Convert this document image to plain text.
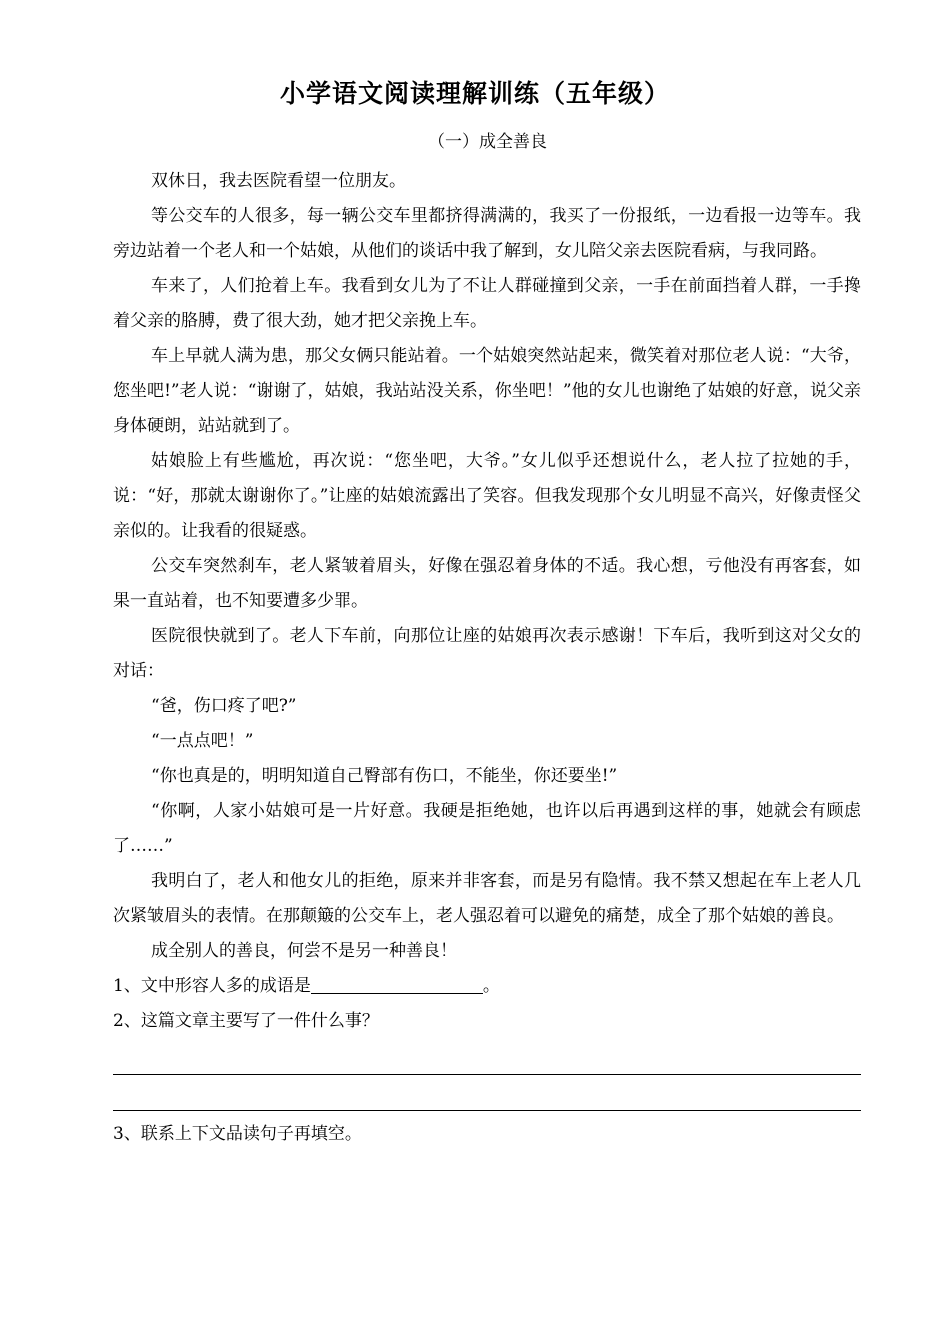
小学语文阅读理解训练（五年级）
（一）成全善良

双休日，我去医院看望一位朋友。

等公交车的人很多，每一辆公交车里都挤得满满的，我买了一份报纸，一边看报一边等车。我旁边站着一个老人和一个姑娘，从他们的谈话中我了解到，女儿陪父亲去医院看病，与我同路。

车来了，人们抢着上车。我看到女儿为了不让人群碰撞到父亲，一手在前面挡着人群，一手搀着父亲的胳膊，费了很大劲，她才把父亲挽上车。

车上早就人满为患，那父女俩只能站着。一个姑娘突然站起来，微笑着对那位老人说：“大爷，您坐吧!”老人说：“谢谢了，姑娘，我站站没关系，你坐吧！”他的女儿也谢绝了姑娘的好意，说父亲身体硬朗，站站就到了。

姑娘脸上有些尴尬，再次说：“您坐吧，大爷。”女儿似乎还想说什么，老人拉了拉她的手，说：“好，那就太谢谢你了。”让座的姑娘流露出了笑容。但我发现那个女儿明显不高兴，好像责怪父亲似的。让我看的很疑惑。

公交车突然刹车，老人紧皱着眉头，好像在强忍着身体的不适。我心想，亏他没有再客套，如果一直站着，也不知要遭多少罪。

医院很快就到了。老人下车前，向那位让座的姑娘再次表示感谢！下车后，我听到这对父女的对话：

“爸，伤口疼了吧?”

“一点点吧！”

“你也真是的，明明知道自己臀部有伤口，不能坐，你还要坐!”

“你啊，人家小姑娘可是一片好意。我硬是拒绝她，也许以后再遇到这样的事，她就会有顾虑了……”

我明白了，老人和他女儿的拒绝，原来并非客套，而是另有隐情。我不禁又想起在车上老人几次紧皱眉头的表情。在那颠簸的公交车上，老人强忍着可以避免的痛楚，成全了那个姑娘的善良。

成全别人的善良，何尝不是另一种善良！

1、文中形容人多的成语是	。
2、这篇文章主要写了一件什么事？
3、联系上下文品读句子再填空。
